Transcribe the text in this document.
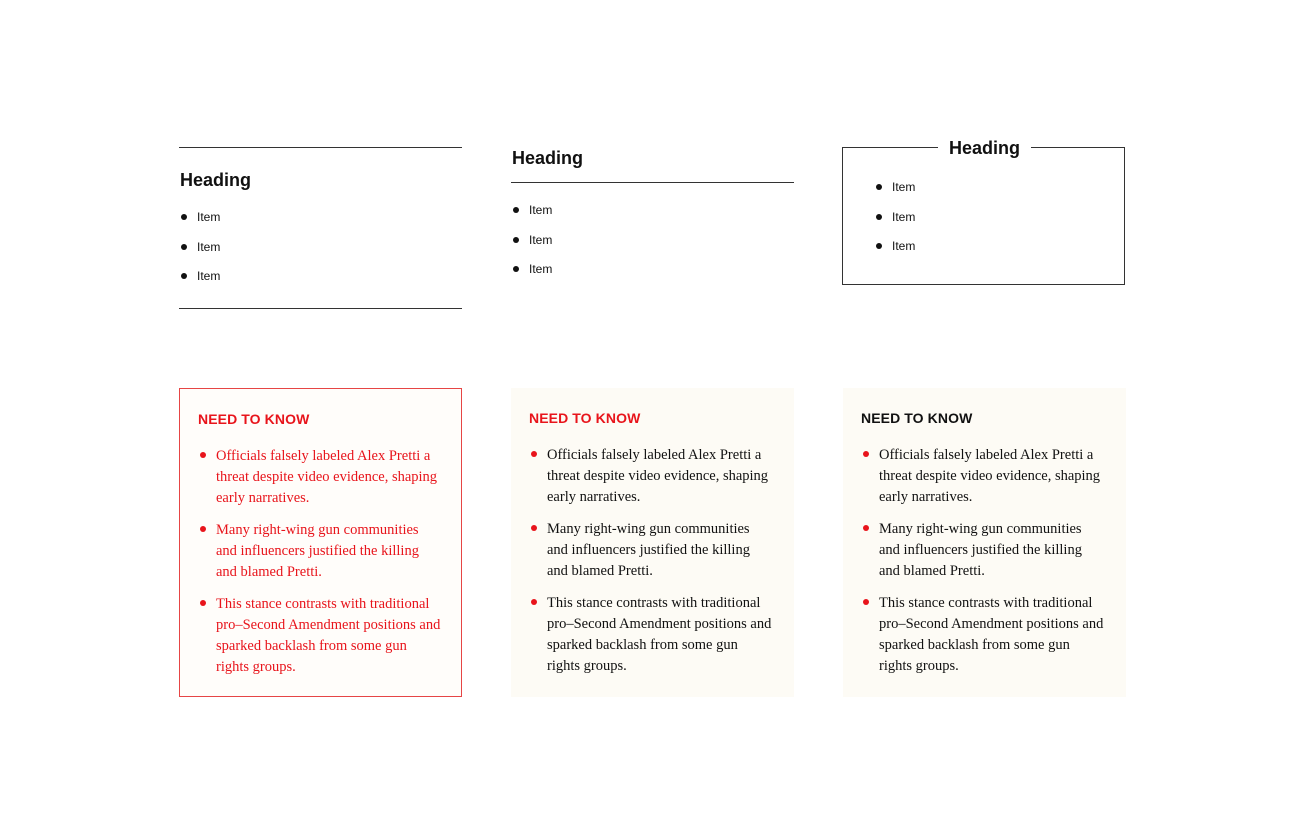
Heading
Item
Item
Item
Heading
Item
Item
Item
Heading
Item
Item
Item
NEED TO KNOW
Officials falsely labeled Alex Pretti a threat despite video evidence, shaping early narratives.
Many right-wing gun communities and influencers justified the killing and blamed Pretti.
This stance contrasts with traditional pro–Second Amendment positions and sparked backlash from some gun rights groups.
NEED TO KNOW
Officials falsely labeled Alex Pretti a threat despite video evidence, shaping early narratives.
Many right-wing gun communities and influencers justified the killing and blamed Pretti.
This stance contrasts with traditional pro–Second Amendment positions and sparked backlash from some gun rights groups.
NEED TO KNOW
Officials falsely labeled Alex Pretti a threat despite video evidence, shaping early narratives.
Many right-wing gun communities and influencers justified the killing and blamed Pretti.
This stance contrasts with traditional pro–Second Amendment positions and sparked backlash from some gun rights groups.
